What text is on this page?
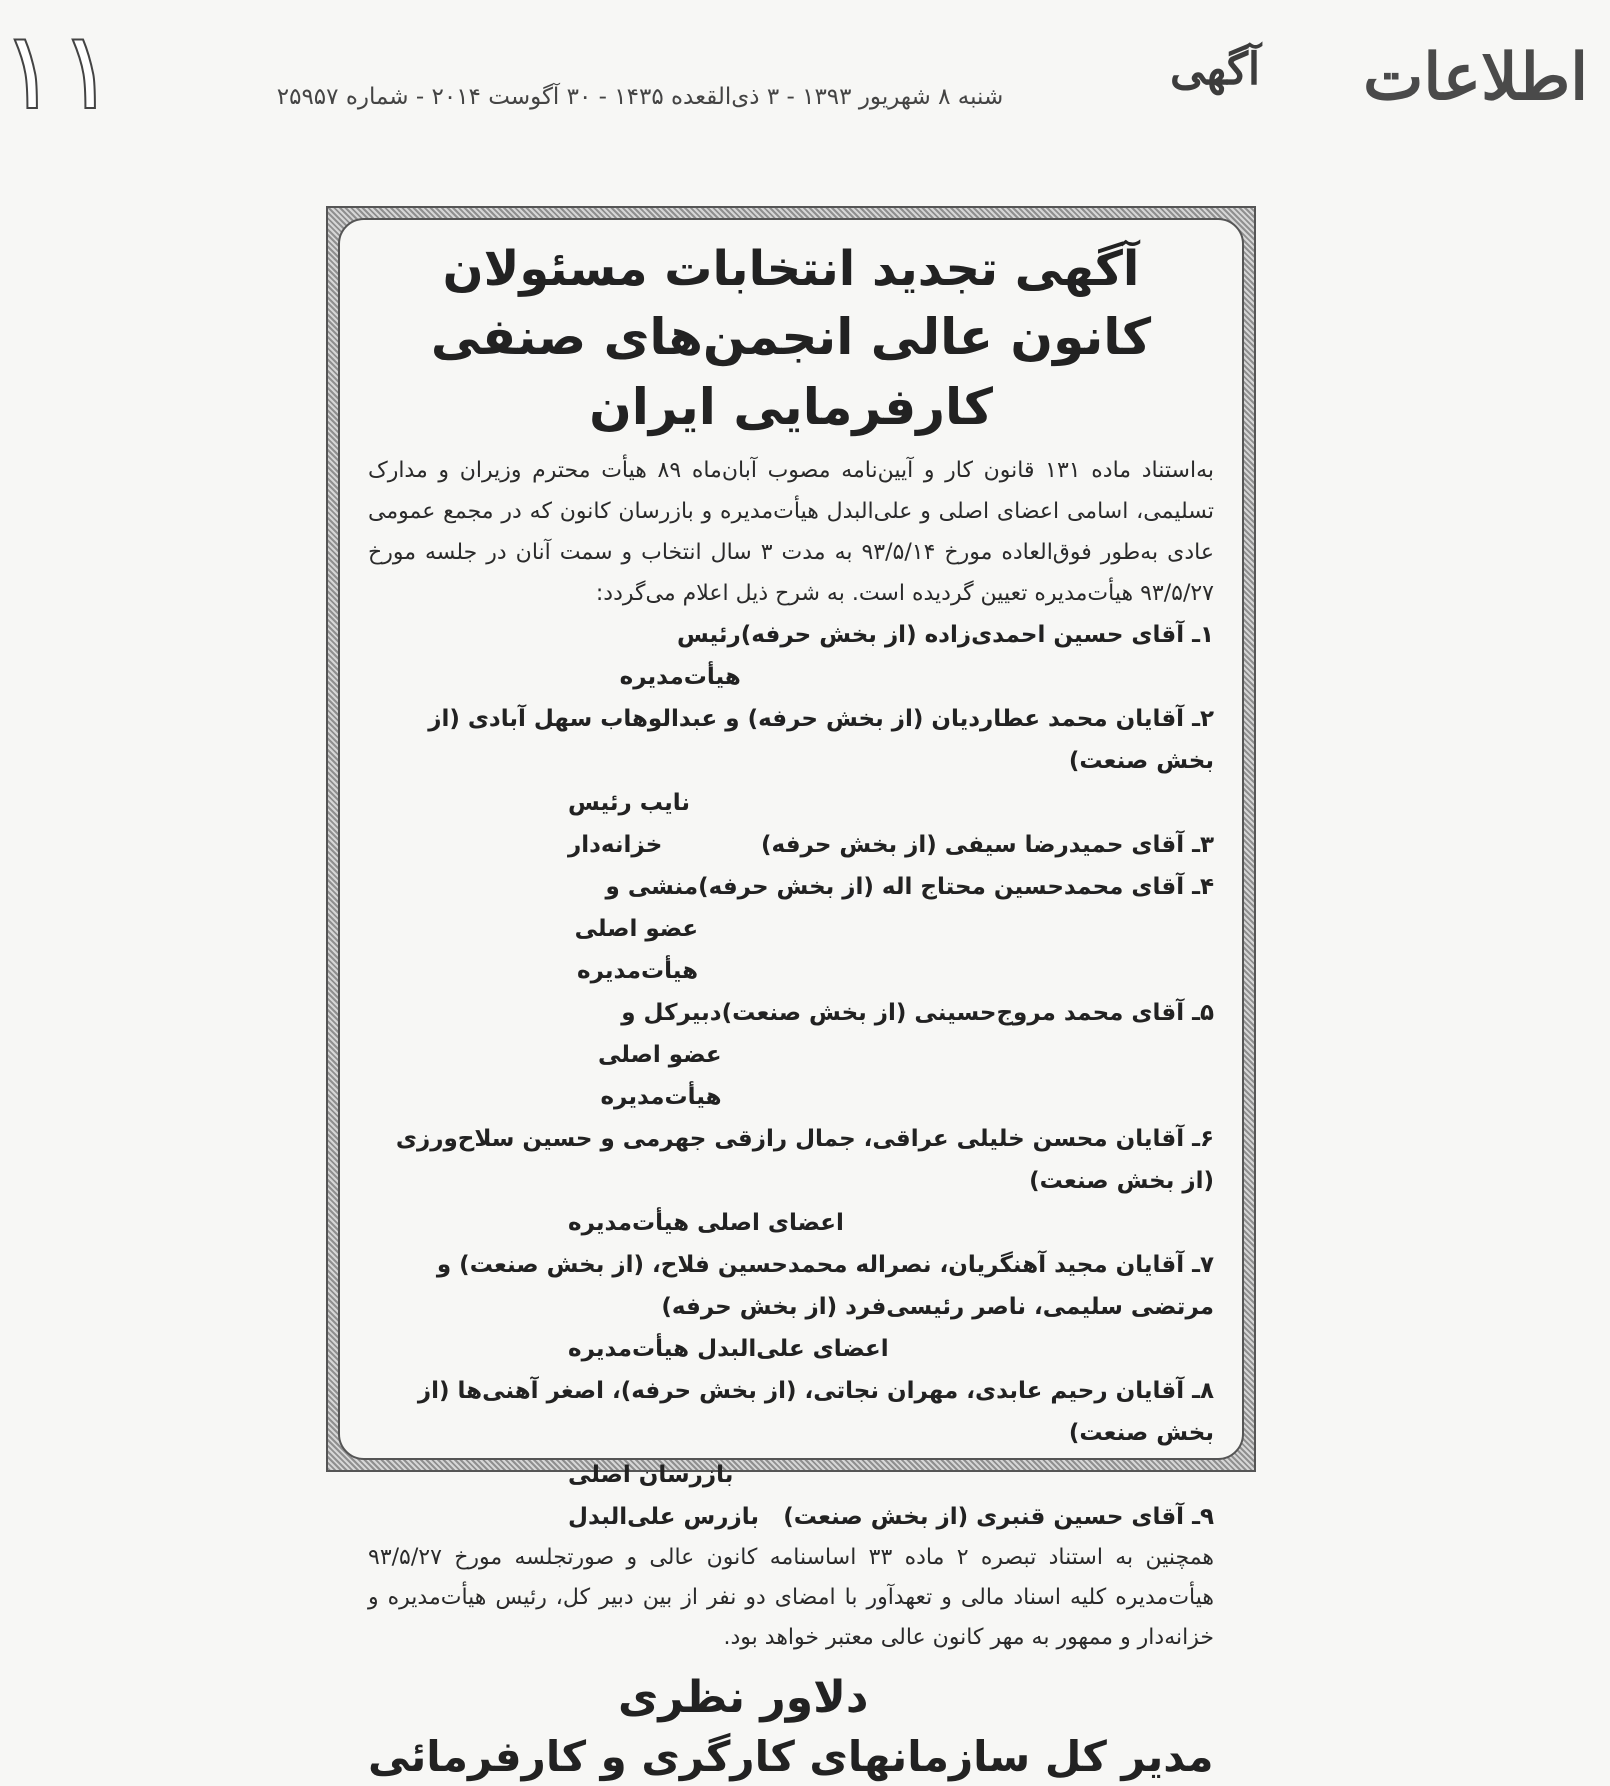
اطلاعات
آگهی
شنبه ۸ شهریور ۱۳۹۳ - ۳ ذی‌القعده ۱۴۳۵ - ۳۰ آگوست ۲۰۱۴ - شماره ۲۵۹۵۷
۱۱
آگهی تجدید انتخابات مسئولان
کانون عالی انجمن‌های صنفی کارفرمایی ایران

به‌استناد ماده ۱۳۱ قانون کار و آیین‌نامه مصوب آبان‌ماه ۸۹ هیأت محترم وزیران و مدارک تسلیمی، اسامی اعضای اصلی و علی‌البدل هیأت‌مدیره و بازرسان کانون که در مجمع عمومی عادی به‌طور فوق‌العاده مورخ ۹۳/۵/۱۴ به مدت ۳ سال انتخاب و سمت آنان در جلسه مورخ ۹۳/۵/۲۷ هیأت‌مدیره تعیین گردیده است. به شرح ذیل اعلام می‌گردد:

۱ـ آقای حسین احمدی‌زاده (از بخش حرفه)
رئیس هیأت‌مدیره
۲ـ آقایان محمد عطاردیان (از بخش حرفه) و عبدالوهاب سهل آبادی (از بخش صنعت)
نایب رئیس
۳ـ آقای حمیدرضا سیفی (از بخش حرفه)
خزانه‌دار
۴ـ آقای محمدحسین محتاج اله (از بخش حرفه)
منشی و عضو اصلی هیأت‌مدیره
۵ـ آقای محمد مروج‌حسینی (از بخش صنعت)
دبیرکل و عضو اصلی هیأت‌مدیره
۶ـ آقایان محسن خلیلی عراقی، جمال رازقی جهرمی و حسین سلاح‌ورزی (از بخش صنعت)
اعضای اصلی هیأت‌مدیره
۷ـ آقایان مجید آهنگریان، نصراله محمدحسین فلاح، (از بخش صنعت) و مرتضی سلیمی، ناصر رئیسی‌فرد (از بخش حرفه)
اعضای علی‌البدل هیأت‌مدیره
۸ـ آقایان رحیم عابدی، مهران نجاتی، (از بخش حرفه)، اصغر آهنی‌ها (از بخش صنعت)
بازرسان اصلی
۹ـ آقای حسین قنبری (از بخش صنعت)
بازرس علی‌البدل

همچنین به استناد تبصره ۲ ماده ۳۳ اساسنامه کانون عالی و صورتجلسه مورخ ۹۳/۵/۲۷ هیأت‌مدیره کلیه اسناد مالی و تعهدآور با امضای دو نفر از بین دبیر کل، رئیس هیأت‌مدیره و خزانه‌دار و ممهور به مهر کانون عالی معتبر خواهد بود.

دلاور نظری
مدیر کل سازمانهای کارگری و کارفرمائی
